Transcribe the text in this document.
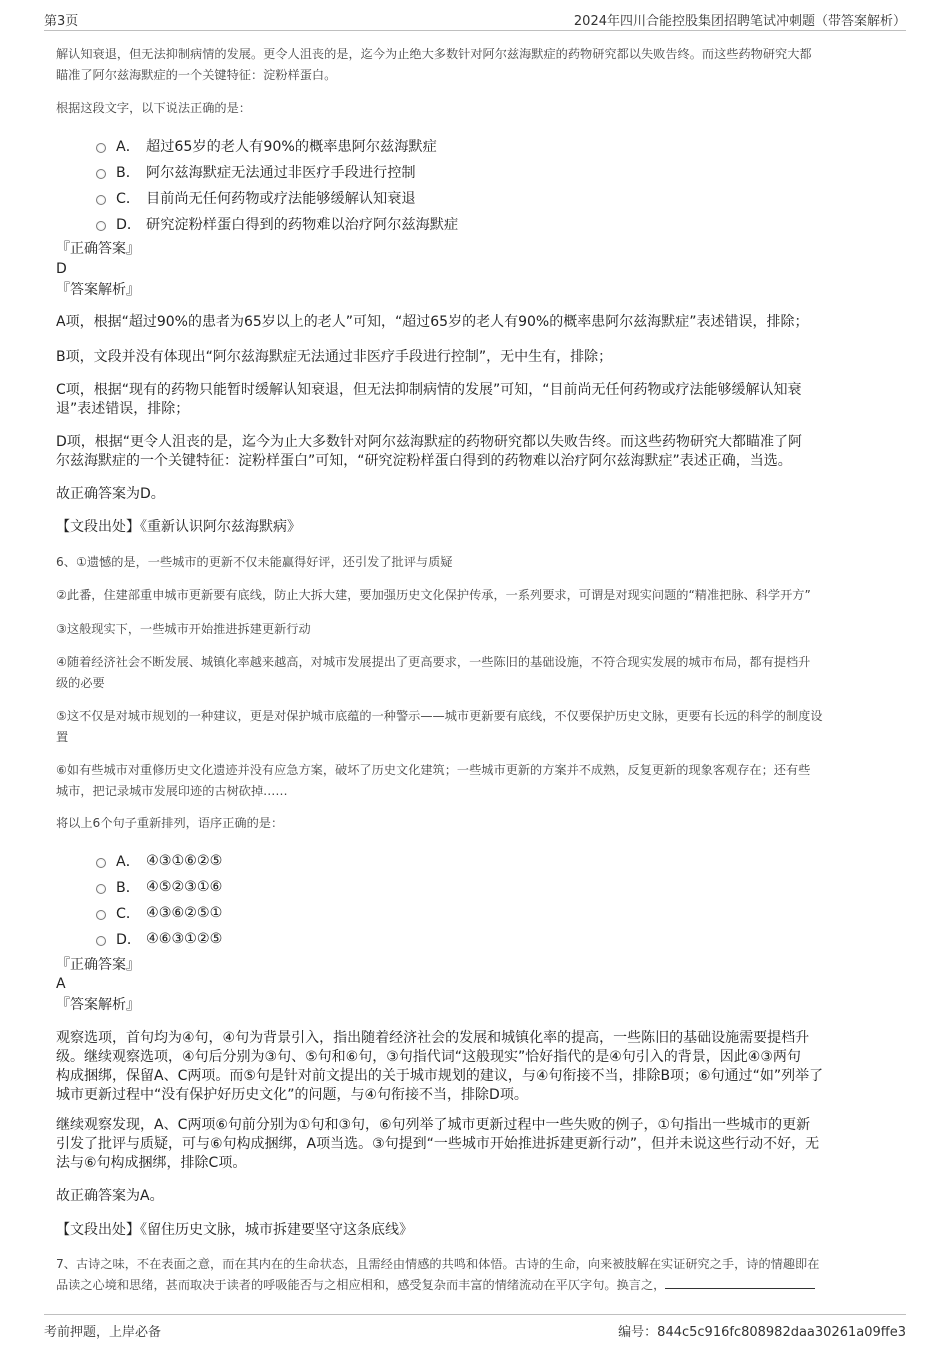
第3页	2024年四川合能控股集团招聘笔试冲刺题（带答案解析）
解认知衰退，但无法抑制病情的发展。更令人沮丧的是，迄今为止绝大多数针对阿尔兹海默症的药物研究都以失败告终。而这些药物研究大都
瞄准了阿尔兹海默症的一个关键特征：淀粉样蛋白。
根据这段文字，以下说法正确的是：
A． 超过65岁的老人有90%的概率患阿尔兹海默症
B． 阿尔兹海默症无法通过非医疗手段进行控制
C． 目前尚无任何药物或疗法能够缓解认知衰退
D． 研究淀粉样蛋白得到的药物难以治疗阿尔兹海默症
『正确答案』
D
『答案解析』
A项，根据“超过90%的患者为65岁以上的老人”可知，“超过65岁的老人有90%的概率患阿尔兹海默症”表述错误，排除；
B项，文段并没有体现出“阿尔兹海默症无法通过非医疗手段进行控制”，无中生有，排除；
C项，根据“现有的药物只能暂时缓解认知衰退，但无法抑制病情的发展”可知，“目前尚无任何药物或疗法能够缓解认知衰
退”表述错误，排除；
D项，根据“更令人沮丧的是，迄今为止大多数针对阿尔兹海默症的药物研究都以失败告终。而这些药物研究大都瞄准了阿
尔兹海默症的一个关键特征：淀粉样蛋白”可知，“研究淀粉样蛋白得到的药物难以治疗阿尔兹海默症”表述正确，当选。
故正确答案为D。
【文段出处】《重新认识阿尔兹海默病》
6、①遗憾的是，一些城市的更新不仅未能赢得好评，还引发了批评与质疑
②此番，住建部重申城市更新要有底线，防止大拆大建，要加强历史文化保护传承，一系列要求，可谓是对现实问题的“精准把脉、科学开方”
③这般现实下，一些城市开始推进拆建更新行动
④随着经济社会不断发展、城镇化率越来越高，对城市发展提出了更高要求，一些陈旧的基础设施，不符合现实发展的城市布局，都有提档升
级的必要
⑤这不仅是对城市规划的一种建议，更是对保护城市底蕴的一种警示——城市更新要有底线，不仅要保护历史文脉，更要有长远的科学的制度设
置
⑥如有些城市对重修历史文化遗迹并没有应急方案，破坏了历史文化建筑；一些城市更新的方案并不成熟，反复更新的现象客观存在；还有些
城市，把记录城市发展印迹的古树砍掉……
将以上6个句子重新排列，语序正确的是：
A． ④③①⑥②⑤
B． ④⑤②③①⑥
C． ④③⑥②⑤①
D． ④⑥③①②⑤
『正确答案』
A
『答案解析』
观察选项，首句均为④句，④句为背景引入，指出随着经济社会的发展和城镇化率的提高，一些陈旧的基础设施需要提档升
级。继续观察选项，④句后分别为③句、⑤句和⑥句，③句指代词“这般现实”恰好指代的是④句引入的背景，因此④③两句
构成捆绑，保留A、C两项。而⑤句是针对前文提出的关于城市规划的建议，与④句衔接不当，排除B项；⑥句通过“如”列举了
城市更新过程中“没有保护好历史文化”的问题，与④句衔接不当，排除D项。
继续观察发现，A、C两项⑥句前分别为①句和③句，⑥句列举了城市更新过程中一些失败的例子，①句指出一些城市的更新
引发了批评与质疑，可与⑥句构成捆绑，A项当选。③句提到“一些城市开始推进拆建更新行动”，但并未说这些行动不好，无
法与⑥句构成捆绑，排除C项。
故正确答案为A。
【文段出处】《留住历史文脉，城市拆建要坚守这条底线》
7、古诗之味，不在表面之意，而在其内在的生命状态，且需经由情感的共鸣和体悟。古诗的生命，向来被肢解在实证研究之手，诗的情趣即在
品读之心境和思绪，甚而取决于读者的呼吸能否与之相应相和，感受复杂而丰富的情绪流动在平仄字句。换言之，
考前押题，上岸必备	编号：844c5c916fc808982daa30261a09ffe3
